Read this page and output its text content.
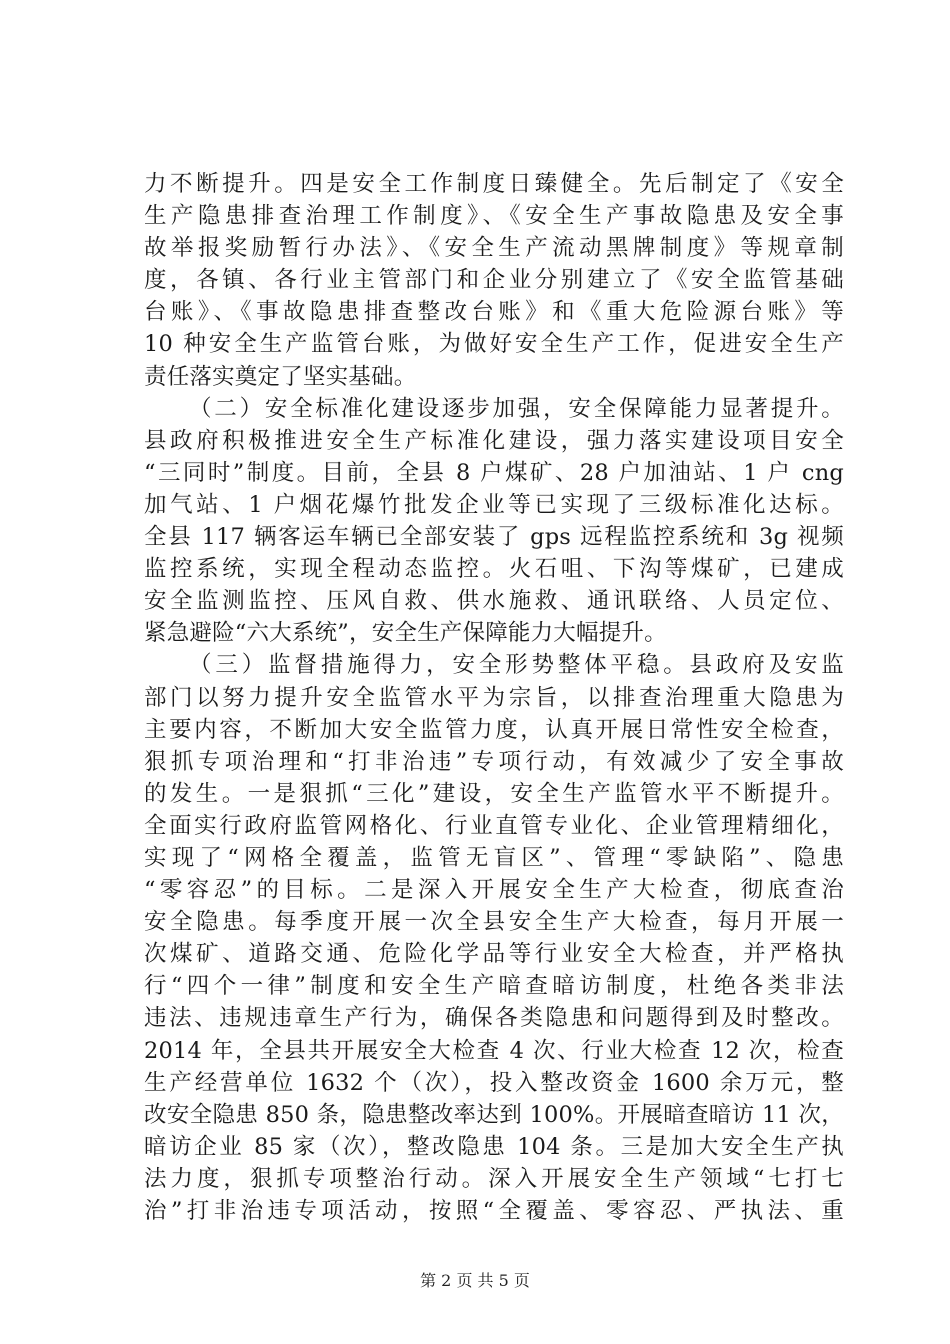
力不断提升。四是安全工作制度日臻健全。先后制定了《安全
生产隐患排查治理工作制度》、《安全生产事故隐患及安全事
故举报奖励暂行办法》、《安全生产流动黑牌制度》等规章制
度，各镇、各行业主管部门和企业分别建立了《安全监管基础
台账》、《事故隐患排查整改台账》和《重大危险源台账》等
10 种安全生产监管台账，为做好安全生产工作，促进安全生产
责任落实奠定了坚实基础。
（二）安全标准化建设逐步加强，安全保障能力显著提升。
县政府积极推进安全生产标准化建设，强力落实建设项目安全
“三同时”制度。目前，全县 8 户煤矿、28 户加油站、1 户 cng
加气站、1 户烟花爆竹批发企业等已实现了三级标准化达标。
全县 117 辆客运车辆已全部安装了 gps 远程监控系统和 3g 视频
监控系统，实现全程动态监控。火石咀、下沟等煤矿，已建成
安全监测监控、压风自救、供水施救、通讯联络、人员定位、
紧急避险“六大系统”，安全生产保障能力大幅提升。
（三）监督措施得力，安全形势整体平稳。县政府及安监
部门以努力提升安全监管水平为宗旨，以排查治理重大隐患为
主要内容，不断加大安全监管力度，认真开展日常性安全检查，
狠抓专项治理和“打非治违”专项行动，有效减少了安全事故
的发生。一是狠抓“三化”建设，安全生产监管水平不断提升。
全面实行政府监管网格化、行业直管专业化、企业管理精细化，
实现了“网格全覆盖，监管无盲区”、管理“零缺陷”、隐患
“零容忍”的目标。二是深入开展安全生产大检查，彻底查治
安全隐患。每季度开展一次全县安全生产大检查，每月开展一
次煤矿、道路交通、危险化学品等行业安全大检查，并严格执
行“四个一律”制度和安全生产暗查暗访制度，杜绝各类非法
违法、违规违章生产行为，确保各类隐患和问题得到及时整改。
2014 年，全县共开展安全大检查 4 次、行业大检查 12 次，检查
生产经营单位 1632 个（次），投入整改资金 1600 余万元，整
改安全隐患 850 条，隐患整改率达到 100%。开展暗查暗访 11 次，
暗访企业 85 家（次），整改隐患 104 条。三是加大安全生产执
法力度，狠抓专项整治行动。深入开展安全生产领域“七打七
治”打非治违专项活动，按照“全覆盖、零容忍、严执法、重
第 2 页 共 5 页
